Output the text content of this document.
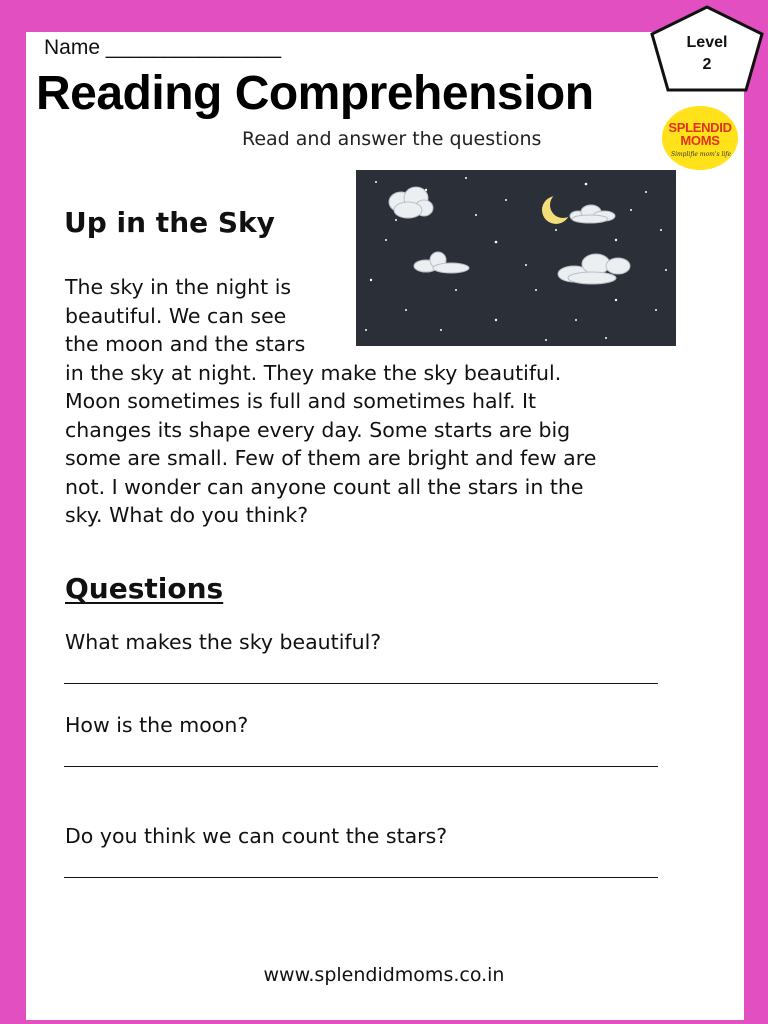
Name _______________
Reading Comprehension
Read and answer the questions
Level
2
SPLENDID
MOMS
Simplifie mom's life
Up in the Sky
The sky in the night is
beautiful. We can see
the moon and the stars
in the sky at night. They make the sky beautiful.
Moon sometimes is full and sometimes half. It
changes its shape every day. Some starts are big
some are small. Few of them are bright and few are
not. I wonder can anyone count all the stars in the
sky. What do you think?
Questions
What makes the sky beautiful?
How is the moon?
Do you think we can count the stars?
www.splendidmoms.co.in
